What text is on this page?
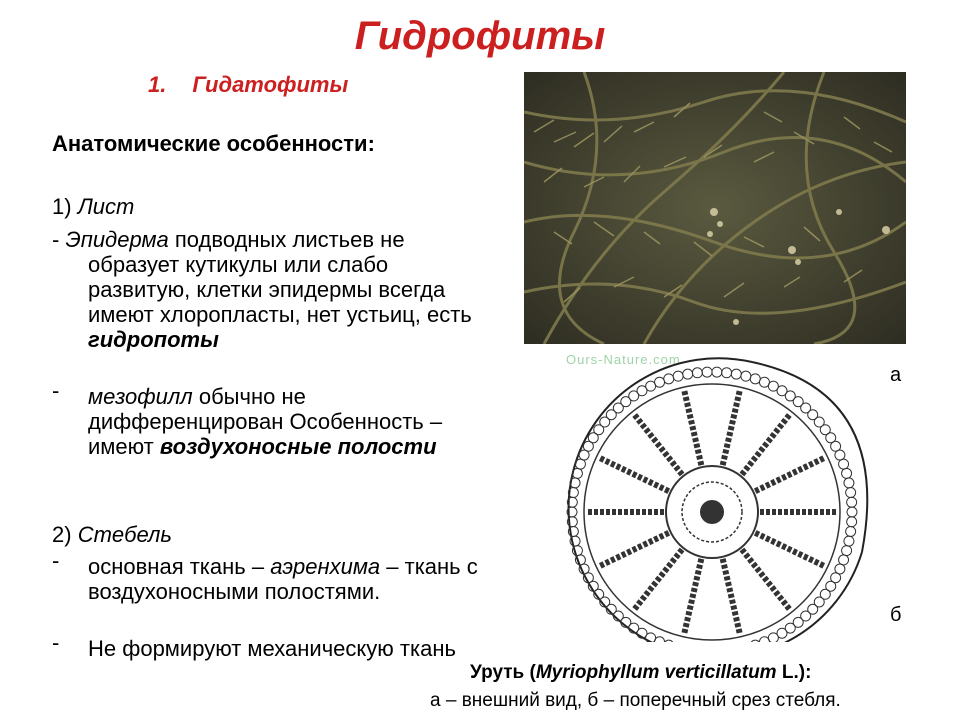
Гидрофиты
1. Гидатофиты
Анатомические особенности:
1) Лист
- Эпидерма подводных листьев не образует кутикулы или слабо развитую, клетки эпидермы всегда имеют хлоропласты, нет устьиц, есть гидропоты
- мезофилл обычно не дифференцирован Особенность – имеют воздухоносные полости
2) Стебель
- основная ткань – аэренхима – ткань с воздухоносными полостями.
- Не формируют механическую ткань
Ours-Nature.com
а
б
Уруть (Myriophyllum verticillatum L.):
а – внешний вид, б – поперечный срез стебля.
